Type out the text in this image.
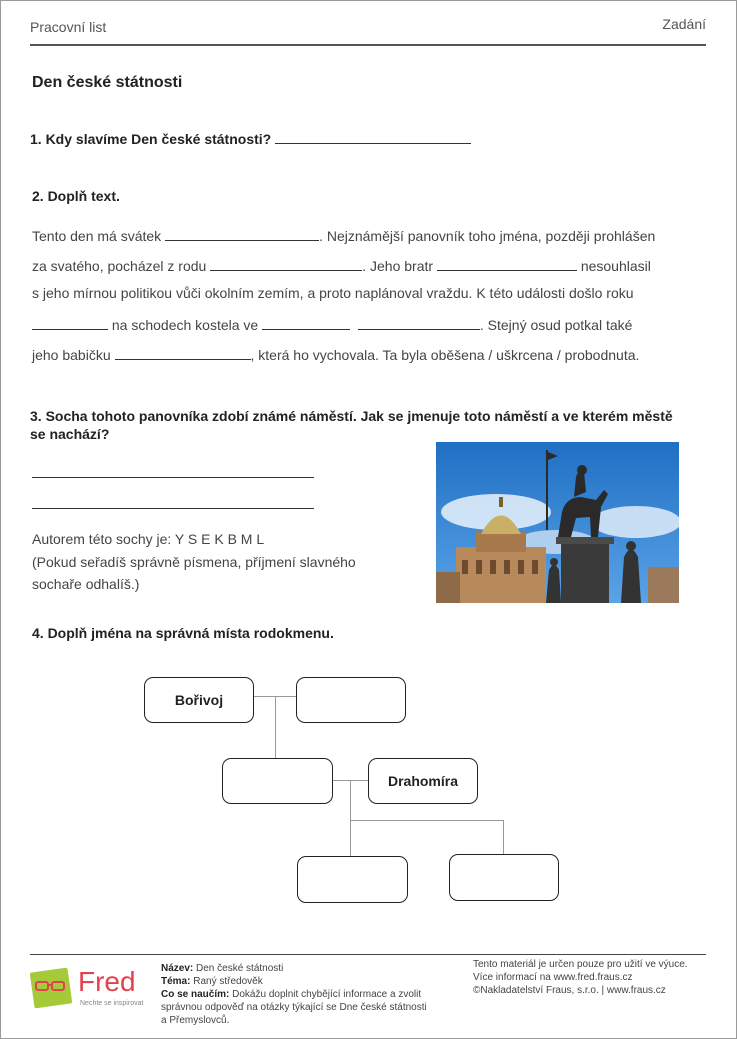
Pracovní list	Zadání
Den české státnosti
1. Kdy slavíme Den české státnosti?
2. Doplň text.
Tento den má svátek	. Nejznámější panovník toho jména, později prohlášen
za svatého, pocházel z rodu	. Jeho bratr	nesouhlasil
s jeho mírnou politikou vůči okolním zemím, a proto naplánoval vraždu. K této události došlo roku
na schodech kostela ve	. Stejný osud potkal také
jeho babičku	, která ho vychovala. Ta byla oběšena / uškrcena / probodnuta.
3. Socha tohoto panovníka zdobí známé náměstí. Jak se jmenuje toto náměstí a ve kterém městě
se nachází?
Autorem této sochy je: Y S E K B M L
(Pokud seřadíš správně písmena, příjmení slavného
sochaře odhalíš.)
4. Doplň jména na správná místa rodokmenu.
Bořivoj
Drahomíra
Fred
Nechte se inspirovat
Název: Den české státnosti
Téma: Raný středověk
Co se naučím: Dokážu doplnit chybějící informace a zvolit
správnou odpověď na otázky týkající se Dne české státnosti
a Přemyslovců.
Tento materiál je určen pouze pro užití ve výuce.
Více informací na www.fred.fraus.cz
©Nakladatelství Fraus, s.r.o. | www.fraus.cz
